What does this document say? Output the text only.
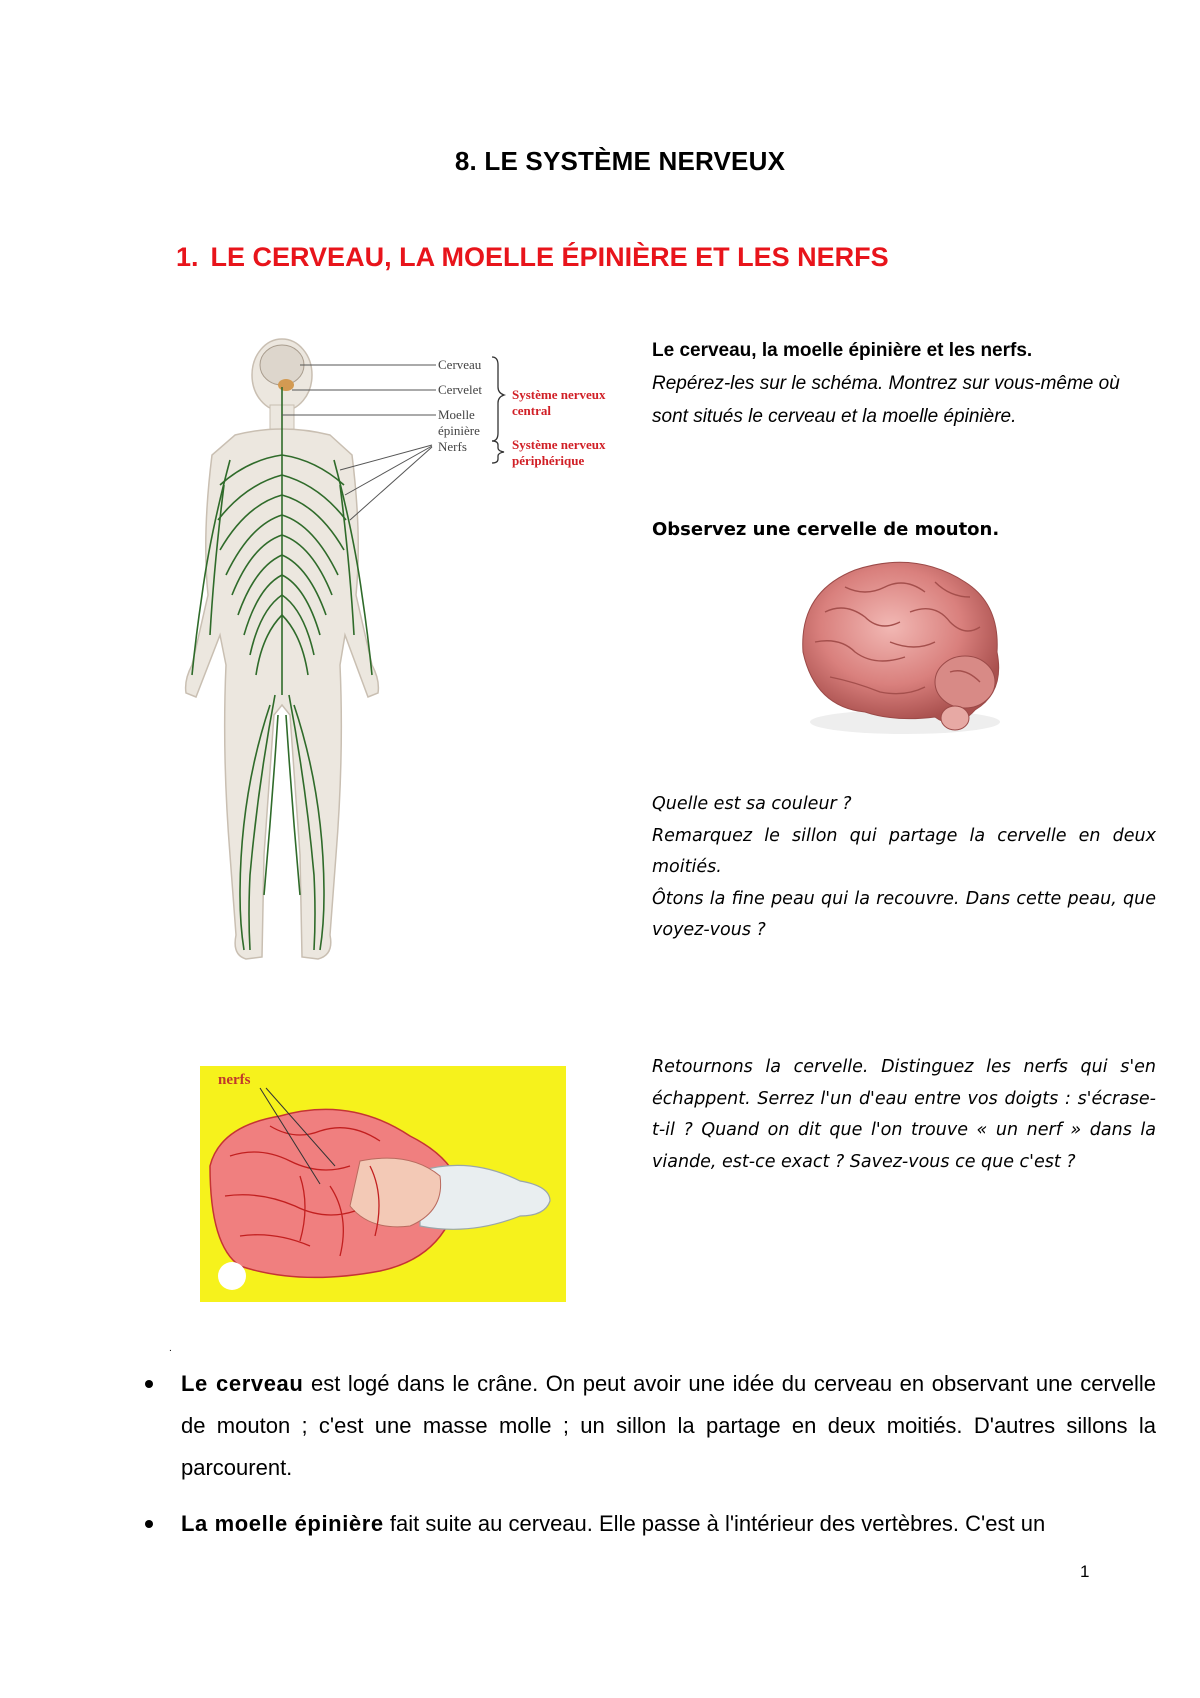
8. LE SYSTÈME NERVEUX
1. LE CERVEAU, LA MOELLE ÉPINIÈRE ET LES NERFS
Cerveau
Cervelet
Moelle
épinière
Nerfs
Système nerveux
central
Système nerveux
périphérique
Le cerveau, la moelle épinière et les nerfs.
Repérez-les sur le schéma. Montrez sur vous-même où sont situés le cerveau et la moelle épinière.
Observez une cervelle de mouton.
Quelle est sa couleur ?
Remarquez le sillon qui partage la cervelle en deux moitiés.
Ôtons la fine peau qui la recouvre. Dans cette peau, que voyez-vous ?
nerfs
Retournons la cervelle. Distinguez les nerfs qui s'en échappent. Serrez l'un d'eau entre vos doigts : s'écrase-t-il ? Quand on dit que l'on trouve « un nerf » dans la viande, est-ce exact ? Savez-vous ce que c'est ?
.
Le cerveau est logé dans le crâne. On peut avoir une idée du cerveau en observant une cervelle de mouton ; c'est une masse molle ; un sillon la partage en deux moitiés. D'autres sillons la parcourent.
La moelle épinière fait suite au cerveau. Elle passe à l'intérieur des vertèbres. C'est un
1
